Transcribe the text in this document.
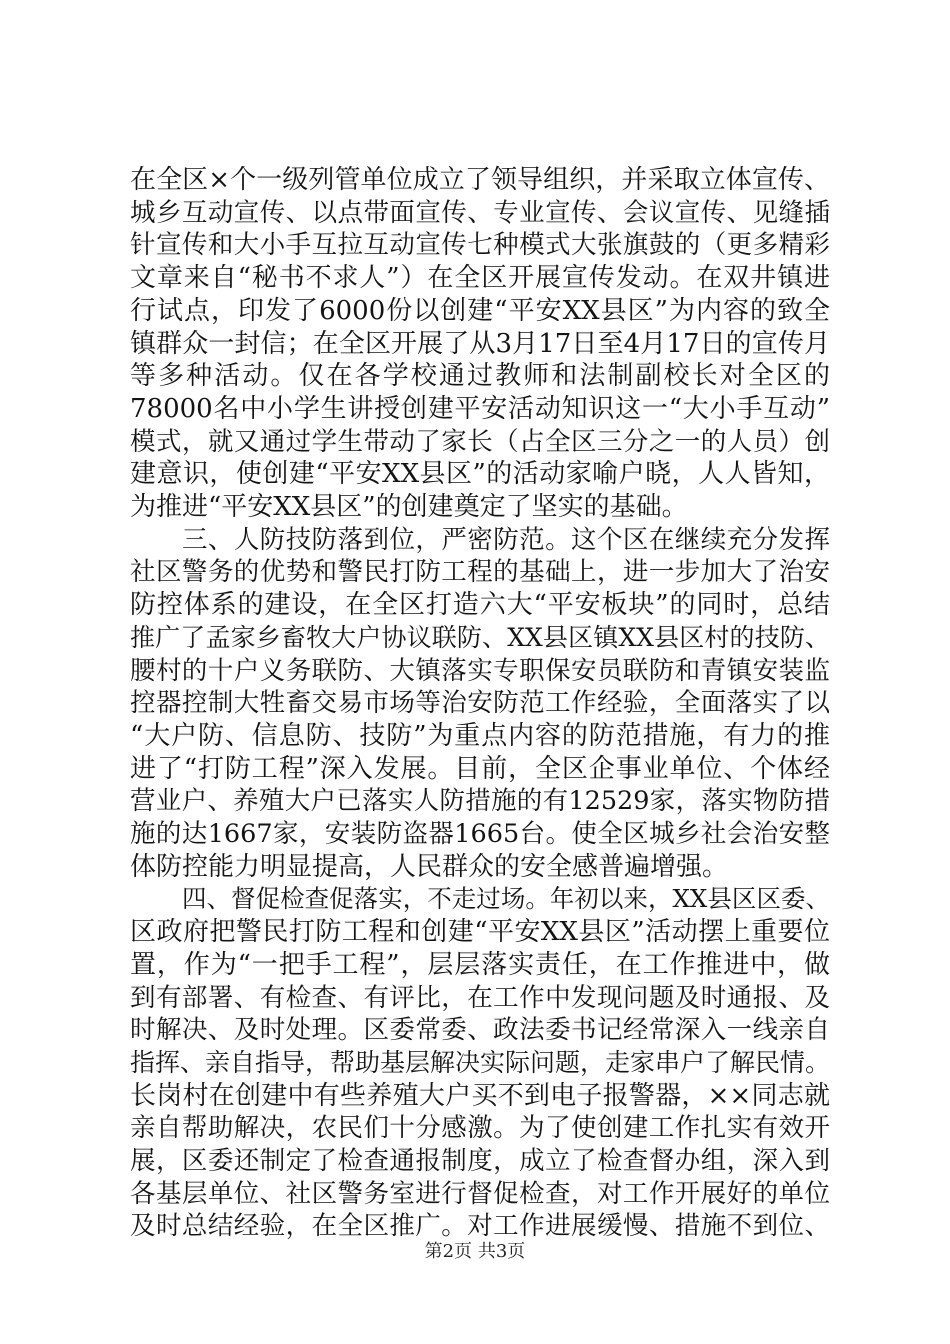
在全区×个一级列管单位成立了领导组织，并采取立体宣传、
城乡互动宣传、以点带面宣传、专业宣传、会议宣传、见缝插
针宣传和大小手互拉互动宣传七种模式大张旗鼓的（更多精彩
文章来自“秘书不求人”）在全区开展宣传发动。在双井镇进
行试点，印发了6000份以创建“平安XX县区”为内容的致全
镇群众一封信；在全区开展了从3月17日至4月17日的宣传月
等多种活动。仅在各学校通过教师和法制副校长对全区的
78000名中小学生讲授创建平安活动知识这一“大小手互动”
模式，就又通过学生带动了家长（占全区三分之一的人员）创
建意识，使创建“平安XX县区”的活动家喻户晓，人人皆知，
为推进“平安XX县区”的创建奠定了坚实的基础。
三、人防技防落到位，严密防范。这个区在继续充分发挥
社区警务的优势和警民打防工程的基础上，进一步加大了治安
防控体系的建设，在全区打造六大“平安板块”的同时，总结
推广了孟家乡畜牧大户协议联防、XX县区镇XX县区村的技防、
腰村的十户义务联防、大镇落实专职保安员联防和青镇安装监
控器控制大牲畜交易市场等治安防范工作经验，全面落实了以
“大户防、信息防、技防”为重点内容的防范措施，有力的推
进了“打防工程”深入发展。目前，全区企事业单位、个体经
营业户、养殖大户已落实人防措施的有12529家，落实物防措
施的达1667家，安装防盗器1665台。使全区城乡社会治安整
体防控能力明显提高，人民群众的安全感普遍增强。
四、督促检查促落实，不走过场。年初以来，XX县区区委、
区政府把警民打防工程和创建“平安XX县区”活动摆上重要位
置，作为“一把手工程”，层层落实责任，在工作推进中，做
到有部署、有检查、有评比，在工作中发现问题及时通报、及
时解决、及时处理。区委常委、政法委书记经常深入一线亲自
指挥、亲自指导，帮助基层解决实际问题，走家串户了解民情。
长岗村在创建中有些养殖大户买不到电子报警器，××同志就
亲自帮助解决，农民们十分感激。为了使创建工作扎实有效开
展，区委还制定了检查通报制度，成立了检查督办组，深入到
各基层单位、社区警务室进行督促检查，对工作开展好的单位
及时总结经验，在全区推广。对工作进展缓慢、措施不到位、
第2页 共3页
